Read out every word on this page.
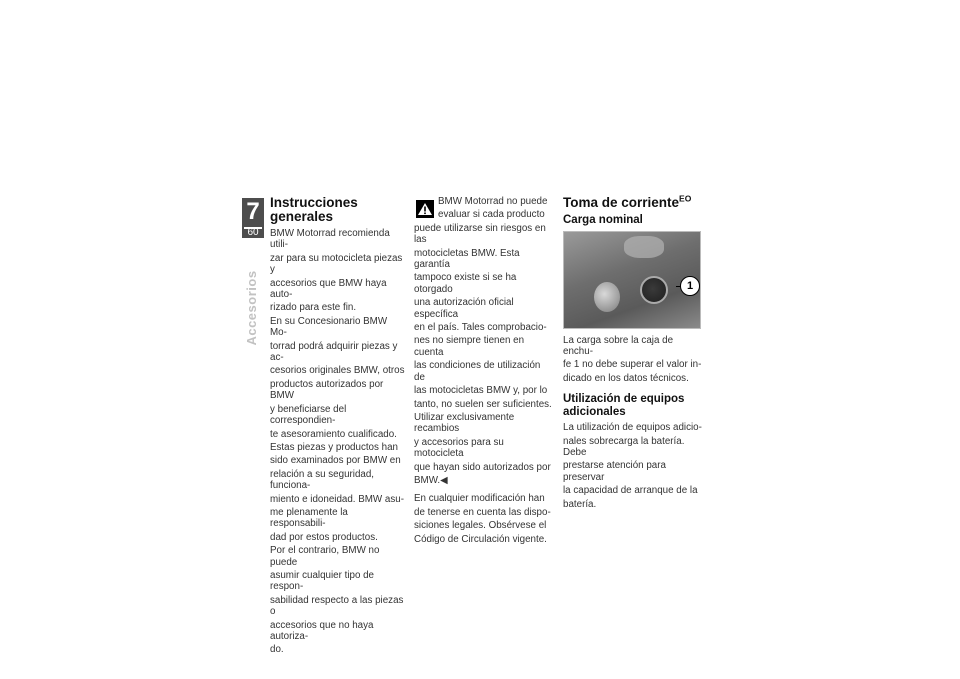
7
60
Accesorios
Instrucciones generales

BMW Motorrad recomienda utili-

zar para su motocicleta piezas y

accesorios que BMW haya auto-

rizado para este fin.

En su Concesionario BMW Mo-

torrad podrá adquirir piezas y ac-

cesorios originales BMW, otros

productos autorizados por BMW

y beneficiarse del correspondien-

te asesoramiento cualificado.

Estas piezas y productos han

sido examinados por BMW en

relación a su seguridad, funciona-

miento e idoneidad. BMW asu-

me plenamente la responsabili-

dad por estos productos.

Por el contrario, BMW no puede

asumir cualquier tipo de respon-

sabilidad respecto a las piezas o

accesorios que no haya autoriza-

do.

BMW Motorrad no puede

evaluar si cada producto

puede utilizarse sin riesgos en las

motocicletas BMW. Esta garantía

tampoco existe si se ha otorgado

una autorización oficial específica

en el país. Tales comprobacio-

nes no siempre tienen en cuenta

las condiciones de utilización de

las motocicletas BMW y, por lo

tanto, no suelen ser suficientes.

Utilizar exclusivamente recambios

y accesorios para su motocicleta

que hayan sido autorizados por

BMW.◀

En cualquier modificación han

de tenerse en cuenta las dispo-

siciones legales. Obsérvese el

Código de Circulación vigente.

Toma de corriente$^{EO}$
Carga nominal
1

La carga sobre la caja de enchu-

fe 1 no debe superar el valor in-

dicado en los datos técnicos.

Utilización de equipos adicionales

La utilización de equipos adicio-

nales sobrecarga la batería. Debe

prestarse atención para preservar

la capacidad de arranque de la

batería.
